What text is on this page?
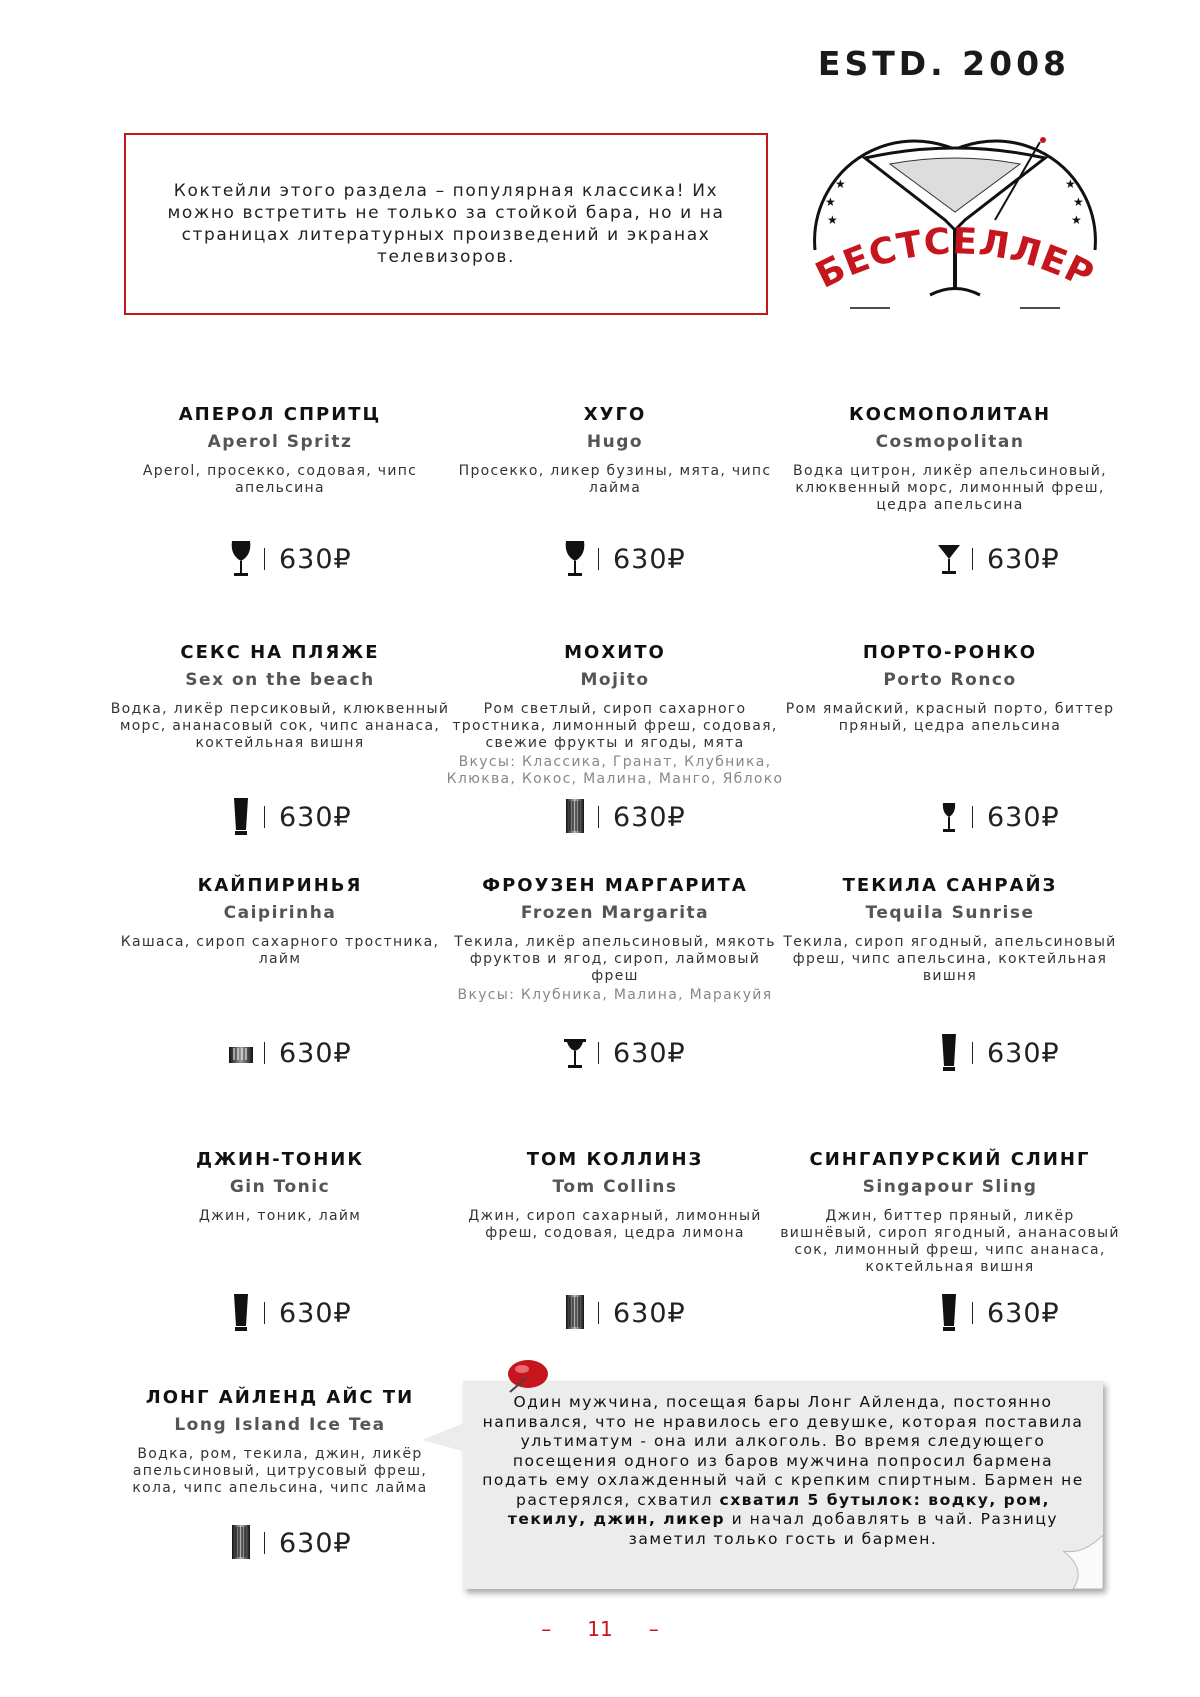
ESTD. 2008

Коктейли этого раздела – популярная классика! Их можно встретить не только за стойкой бара, но и на страницах литературных произведений и экранах телевизоров.

★
★
★
★
★
★
БЕСТСЕЛЛЕР
АПЕРОЛ СПРИТЦ
Aperol Spritz
Aperol, просекко, содовая, чипс апельсина
630₽
ХУГО
Hugo
Просекко, ликер бузины, мята, чипс лайма
630₽
КОСМОПОЛИТАН
Cosmopolitan
Водка цитрон, ликёр апельсиновый, клюквенный морс, лимонный фреш, цедра апельсина
630₽
СЕКС НА ПЛЯЖЕ
Sex on the beach
Водка, ликёр персиковый, клюквенный морс, ананасовый сок, чипс ананаса, коктейльная вишня
630₽
МОХИТО
Mojito
Ром светлый, сироп сахарного тростника, лимонный фреш, содовая, свежие фрукты и ягоды, мята
Вкусы: Классика, Гранат, Клубника, Клюква, Кокос, Малина, Манго, Яблоко
630₽
ПОРТО-РОНКО
Porto Ronco
Ром ямайский, красный порто, биттер пряный, цедра апельсина
630₽
КАЙПИРИНЬЯ
Caipirinha
Кашаса, сироп сахарного тростника, лайм
630₽
ФРОУЗЕН МАРГАРИТА
Frozen Margarita
Текила, ликёр апельсиновый, мякоть фруктов и ягод, сироп, лаймовый фреш
Вкусы: Клубника, Малина, Маракуйя
630₽
ТЕКИЛА САНРАЙЗ
Tequila Sunrise
Текила, сироп ягодный, апельсиновый фреш, чипс апельсина, коктейльная вишня
630₽
ДЖИН-ТОНИК
Gin Tonic
Джин, тоник, лайм
630₽
ТОМ КОЛЛИНЗ
Tom Collins
Джин, сироп сахарный, лимонный фреш, содовая, цедра лимона
630₽
СИНГАПУРСКИЙ СЛИНГ
Singapour Sling
Джин, биттер пряный, ликёр вишнёвый, сироп ягодный, ананасовый сок, лимонный фреш, чипс ананаса, коктейльная вишня
630₽
ЛОНГ АЙЛЕНД АЙС ТИ
Long Island Ice Tea
Водка, ром, текила, джин, ликёр апельсиновый, цитрусовый фреш, кола, чипс апельсина, чипс лайма
630₽

Один мужчина, посещая бары Лонг Айленда, постоянно напивался, что не нравилось его девушке, которая поставила ультиматум - она или алкоголь. Во время следующего посещения одного из баров мужчина попросил бармена подать ему охлажденный чай с крепким спиртным. Бармен не растерялся, схватил схватил 5 бутылок: водку, ром, текилу, джин, ликер и начал добавлять в чай. Разницу заметил только гость и бармен.

– 11 –
